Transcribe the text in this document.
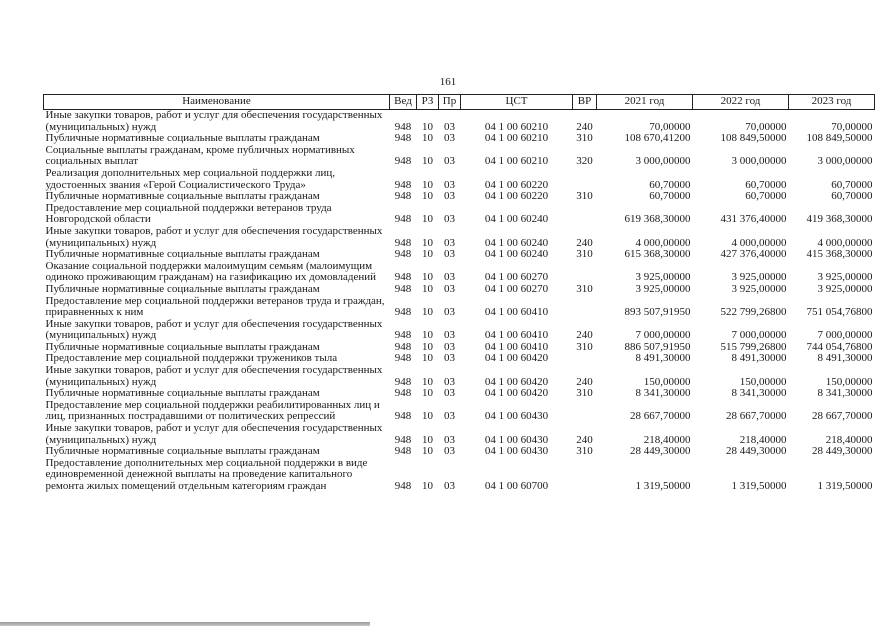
161
Наименование	Вед	РЗ	Пр	ЦСТ	ВР	2021 год	2022 год	2023 год
Иные закупки товаров, работ и услуг для обеспечения государственных (муниципальных) нужд	948	10	03	04 1 00 60210	240	70,00000	70,00000	70,00000
Публичные нормативные социальные выплаты гражданам	948	10	03	04 1 00 60210	310	108 670,41200	108 849,50000	108 849,50000
Социальные выплаты гражданам, кроме публичных нормативных социальных выплат	948	10	03	04 1 00 60210	320	3 000,00000	3 000,00000	3 000,00000
Реализация дополнительных мер социальной поддержки лиц, удостоенных звания «Герой Социалистического Труда»	948	10	03	04 1 00 60220		60,70000	60,70000	60,70000
Публичные нормативные социальные выплаты гражданам	948	10	03	04 1 00 60220	310	60,70000	60,70000	60,70000
Предоставление мер социальной поддержки ветеранов труда Новгородской области	948	10	03	04 1 00 60240		619 368,30000	431 376,40000	419 368,30000
Иные закупки товаров, работ и услуг для обеспечения государственных (муниципальных) нужд	948	10	03	04 1 00 60240	240	4 000,00000	4 000,00000	4 000,00000
Публичные нормативные социальные выплаты гражданам	948	10	03	04 1 00 60240	310	615 368,30000	427 376,40000	415 368,30000
Оказание социальной поддержки малоимущим семьям (малоимущим одиноко проживающим гражданам) на газификацию их домовладений	948	10	03	04 1 00 60270		3 925,00000	3 925,00000	3 925,00000
Публичные нормативные социальные выплаты гражданам	948	10	03	04 1 00 60270	310	3 925,00000	3 925,00000	3 925,00000
Предоставление мер социальной поддержки ветеранов труда и граждан, приравненных к ним	948	10	03	04 1 00 60410		893 507,91950	522 799,26800	751 054,76800
Иные закупки товаров, работ и услуг для обеспечения государственных (муниципальных) нужд	948	10	03	04 1 00 60410	240	7 000,00000	7 000,00000	7 000,00000
Публичные нормативные социальные выплаты гражданам	948	10	03	04 1 00 60410	310	886 507,91950	515 799,26800	744 054,76800
Предоставление мер социальной поддержки тружеников тыла	948	10	03	04 1 00 60420		8 491,30000	8 491,30000	8 491,30000
Иные закупки товаров, работ и услуг для обеспечения государственных (муниципальных) нужд	948	10	03	04 1 00 60420	240	150,00000	150,00000	150,00000
Публичные нормативные социальные выплаты гражданам	948	10	03	04 1 00 60420	310	8 341,30000	8 341,30000	8 341,30000
Предоставление мер социальной поддержки реабилитированных лиц и лиц, признанных пострадавшими от политических репрессий	948	10	03	04 1 00 60430		28 667,70000	28 667,70000	28 667,70000
Иные закупки товаров, работ и услуг для обеспечения государственных (муниципальных) нужд	948	10	03	04 1 00 60430	240	218,40000	218,40000	218,40000
Публичные нормативные социальные выплаты гражданам	948	10	03	04 1 00 60430	310	28 449,30000	28 449,30000	28 449,30000
Предоставление дополнительных мер социальной поддержки в виде единовременной денежной выплаты на проведение капитального ремонта жилых помещений отдельным категориям граждан	948	10	03	04 1 00 60700		1 319,50000	1 319,50000	1 319,50000
